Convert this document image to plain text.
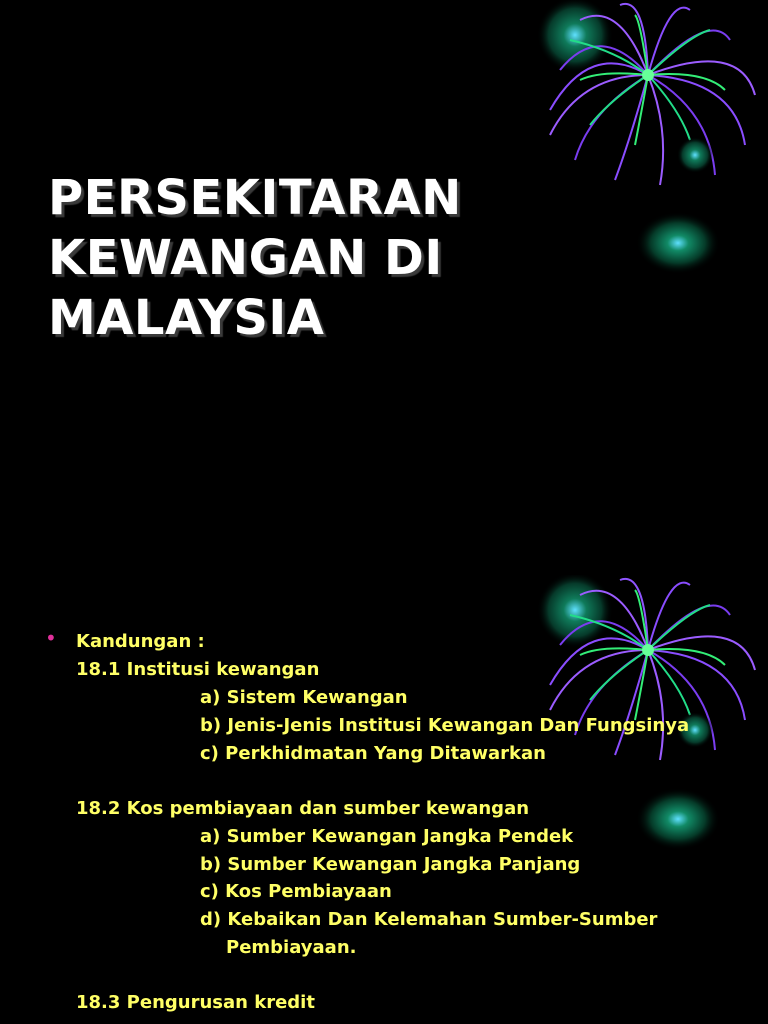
PERSEKITARAN
KEWANGAN DI
MALAYSIA
• Kandungan :
18.1 Institusi kewangan
a) Sistem Kewangan
b) Jenis-Jenis Institusi Kewangan Dan Fungsinya
c) Perkhidmatan Yang Ditawarkan
18.2 Kos pembiayaan dan sumber kewangan
a) Sumber Kewangan Jangka Pendek
b) Sumber Kewangan Jangka Panjang
c) Kos Pembiayaan
d) Kebaikan Dan Kelemahan Sumber-Sumber
Pembiayaan.
18.3 Pengurusan kredit
